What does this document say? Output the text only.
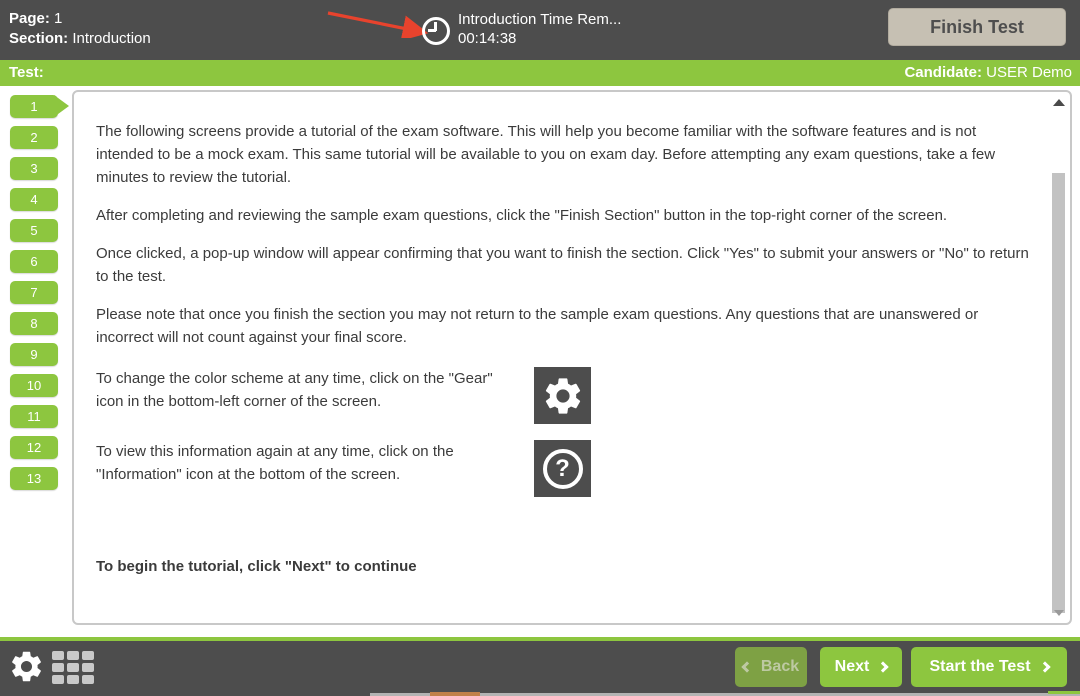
Page: 1
Section: Introduction
Introduction Time Rem...
00:14:38
Finish Test
Test:	Candidate: USER Demo
1
2
3
4
5
6
7
8
9
10
11
12
13

The following screens provide a tutorial of the exam software. This will help you become familiar with the software features and is not intended to be a mock exam. This same tutorial will be available to you on exam day. Before attempting any exam questions, take a few minutes to review the tutorial.

After completing and reviewing the sample exam questions, click the "Finish Section" button in the top-right corner of the screen.

Once clicked, a pop-up window will appear confirming that you want to finish the section. Click "Yes" to submit your answers or "No" to return to the test.

Please note that once you finish the section you may not return to the sample exam questions. Any questions that are unanswered or incorrect will not count against your final score.

To change the color scheme at any time, click on the "Gear" icon in the bottom-left corner of the screen.
To view this information again at any time, click on the "Information" icon at the bottom of the screen.	?
To begin the tutorial, click "Next" to continue
Back Next	Start the Test
